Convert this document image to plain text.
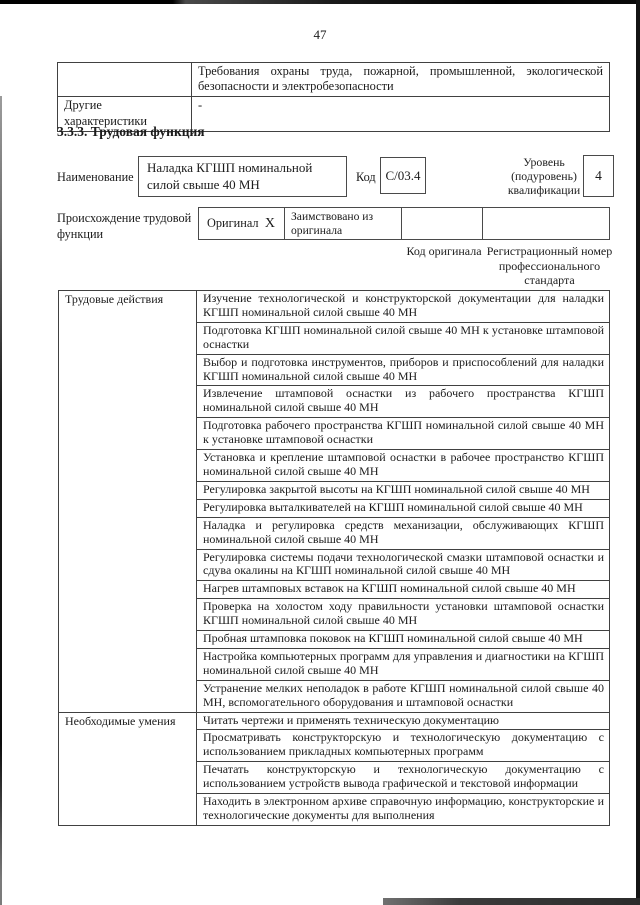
47
	Требования охраны труда, пожарной, промышленной, экологической безопасности и электробезопасности
Другие характеристики	-
3.3.3. Трудовая функция
Наименование
Наладка КГШП номинальной силой свыше 40 МН	Код С/03.4
Уровень (подуровень) квалификации
4
Происхождение трудовой функции
Оригинал X	Заимствовано из оригинала

Код оригинала Регистрационный номер профессионального стандарта
Трудовые действия	Изучение технологической и конструкторской документации для наладки КГШП номинальной силой свыше 40 МН
	Подготовка КГШП номинальной силой свыше 40 МН к установке штамповой оснастки
	Выбор и подготовка инструментов, приборов и приспособлений для наладки КГШП номинальной силой свыше 40 МН
	Извлечение штамповой оснастки из рабочего пространства КГШП номинальной силой свыше 40 МН
	Подготовка рабочего пространства КГШП номинальной силой свыше 40 МН к установке штамповой оснастки
	Установка и крепление штамповой оснастки в рабочее пространство КГШП номинальной силой свыше 40 МН
	Регулировка закрытой высоты на КГШП номинальной силой свыше 40 МН
	Регулировка выталкивателей на КГШП номинальной силой свыше 40 МН
	Наладка и регулировка средств механизации, обслуживающих КГШП номинальной силой свыше 40 МН
	Регулировка системы подачи технологической смазки штамповой оснастки и сдува окалины на КГШП номинальной силой свыше 40 МН
	Нагрев штамповых вставок на КГШП номинальной силой свыше 40 МН
	Проверка на холостом ходу правильности установки штамповой оснастки КГШП номинальной силой свыше 40 МН
	Пробная штамповка поковок на КГШП номинальной силой свыше 40 МН
	Настройка компьютерных программ для управления и диагностики на КГШП номинальной силой свыше 40 МН
	Устранение мелких неполадок в работе КГШП номинальной силой свыше 40 МН, вспомогательного оборудования и штамповой оснастки
Необходимые умения	Читать чертежи и применять техническую документацию
	Просматривать конструкторскую и технологическую документацию с использованием прикладных компьютерных программ
	Печатать конструкторскую и технологическую документацию с использованием устройств вывода графической и текстовой информации
	Находить в электронном архиве справочную информацию, конструкторские и технологические документы для выполнения
